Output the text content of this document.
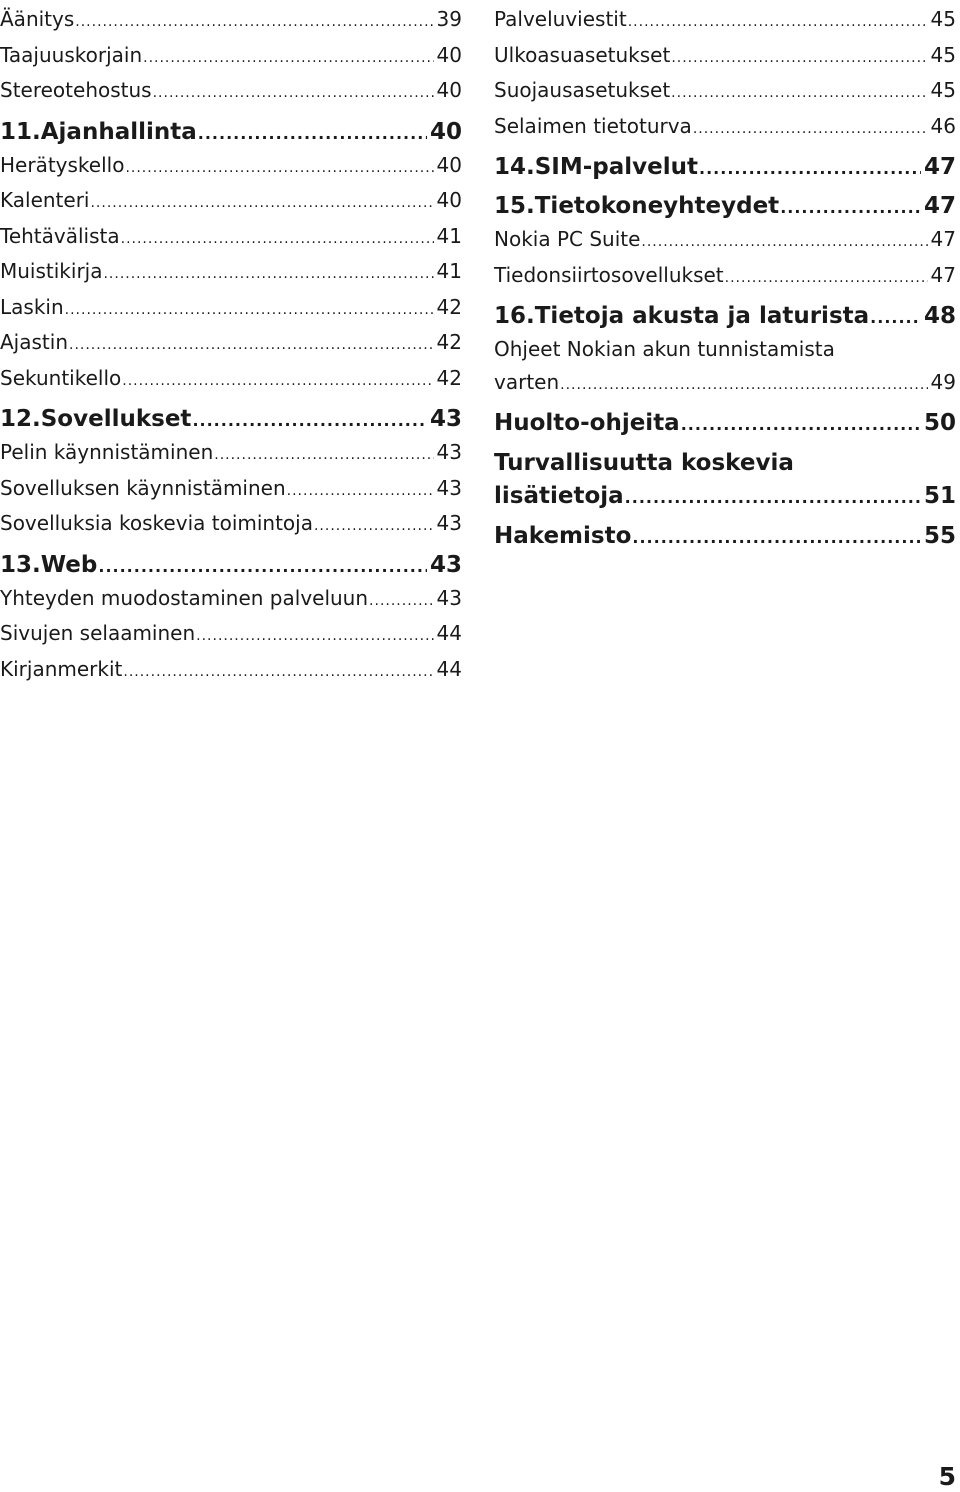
Äänitys .....	39
Taajuuskorjain .....	40
Stereotehostus .....	40
11.Ajanhallinta .....	40
Herätyskello .....	40
Kalenteri .....	40
Tehtävälista .....	41
Muistikirja .....	41
Laskin .....	42
Ajastin .....	42
Sekuntikello .....	42
12.Sovellukset .....	43
Pelin käynnistäminen .....	43
Sovelluksen käynnistäminen .....	43
Sovelluksia koskevia toimintoja .....	43
13.Web .....	43
Yhteyden muodostaminen palveluun .....	43
Sivujen selaaminen .....	44
Kirjanmerkit .....	44
Palveluviestit .....	45
Ulkoasuasetukset .....	45
Suojausasetukset .....	45
Selaimen tietoturva .....	46
14.SIM-palvelut .....	47
15.Tietokoneyhteydet .....	47
Nokia PC Suite .....	47
Tiedonsiirtosovellukset .....	47
16.Tietoja akusta ja laturista ..... 48
Ohjeet Nokian akun tunnistamista
varten .....	49
Huolto-ohjeita .....	50
Turvallisuutta koskevia
lisätietoja .....	51
Hakemisto .....	55
5
